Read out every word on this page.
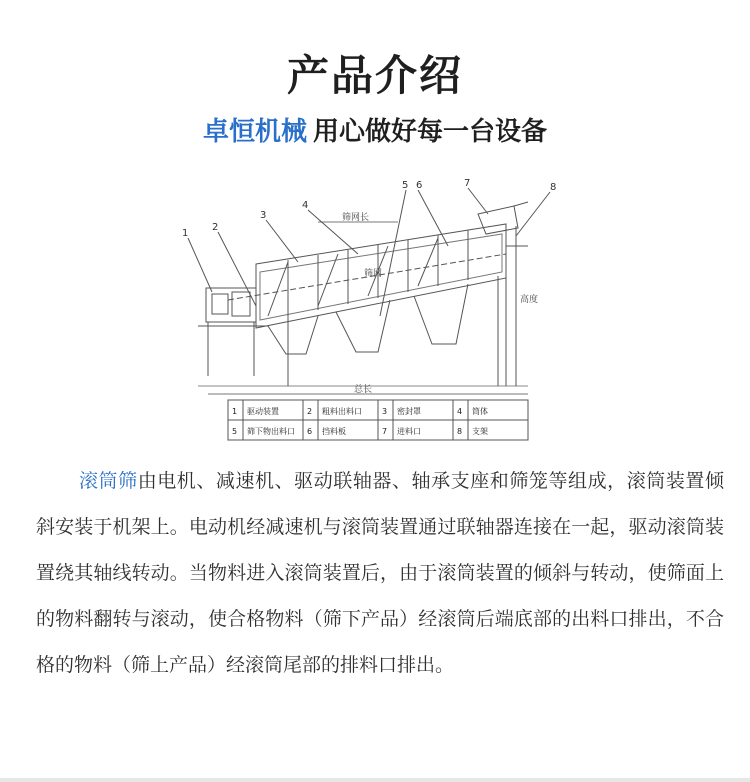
产品介绍
卓恒机械 用心做好每一台设备
1
2
3
4
5 6	7	8
筛网长
总长
筛网
高度
1 驱动装置	2 粗料出料口	3 密封罩	4 筒体
5 筛下物出料口 6 挡料板	7 进料口	8 支架
滚筒筛由电机、减速机、驱动联轴器、轴承支座和筛笼等组成，滚筒装置倾斜安装于机架上。电动机经减速机与滚筒装置通过联轴器连接在一起，驱动滚筒装置绕其轴线转动。当物料进入滚筒装置后，由于滚筒装置的倾斜与转动，使筛面上的物料翻转与滚动，使合格物料（筛下产品）经滚筒后端底部的出料口排出，不合格的物料（筛上产品）经滚筒尾部的排料口排出。
